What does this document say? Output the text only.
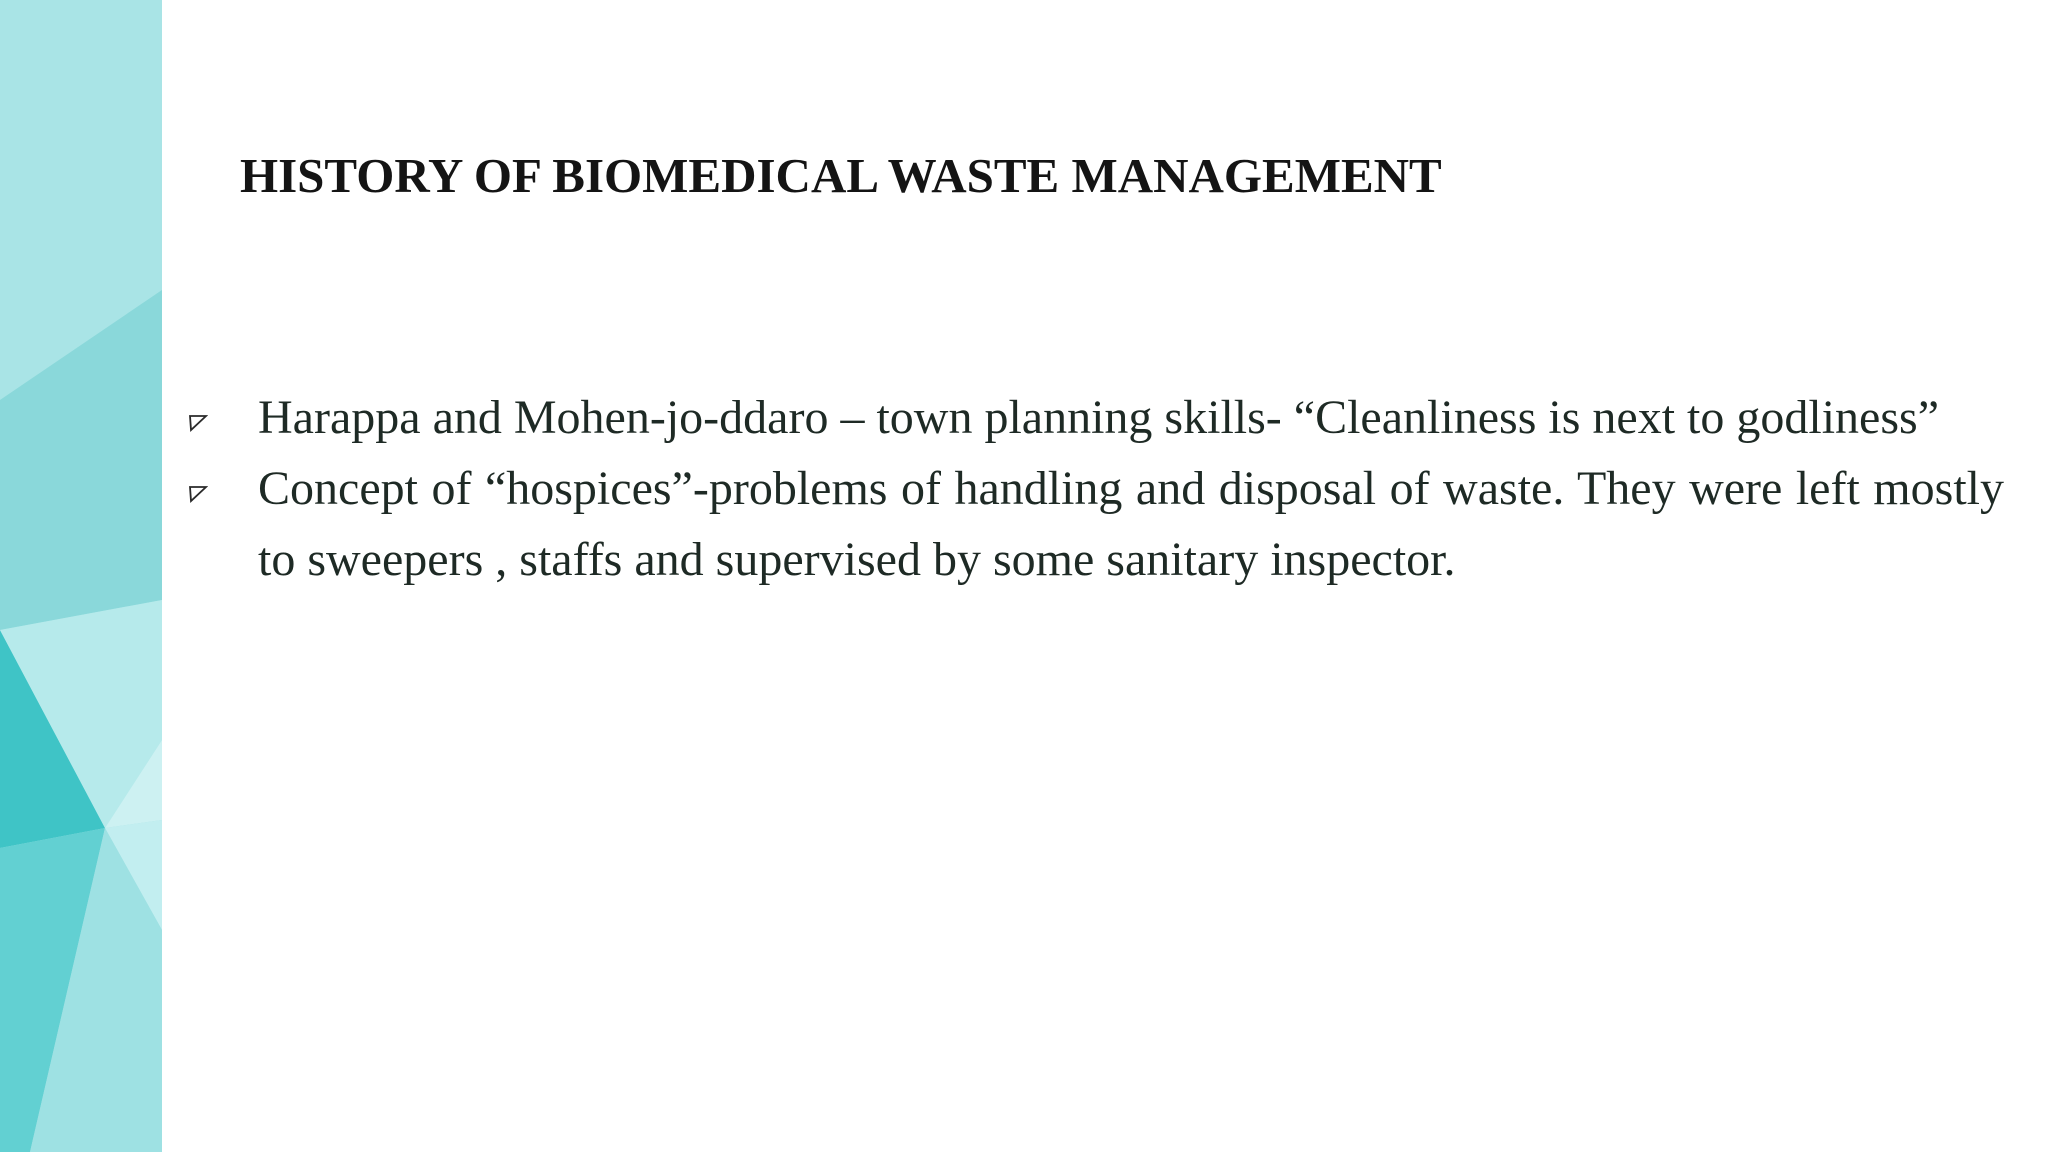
HISTORY OF BIOMEDICAL WASTE MANAGEMENT
Harappa and Mohen-jo-ddaro – town planning skills- “Cleanliness is next to godliness”
Concept of “hospices”-problems of handling and disposal of waste. They were left mostly to sweepers , staffs and supervised by some sanitary inspector.
